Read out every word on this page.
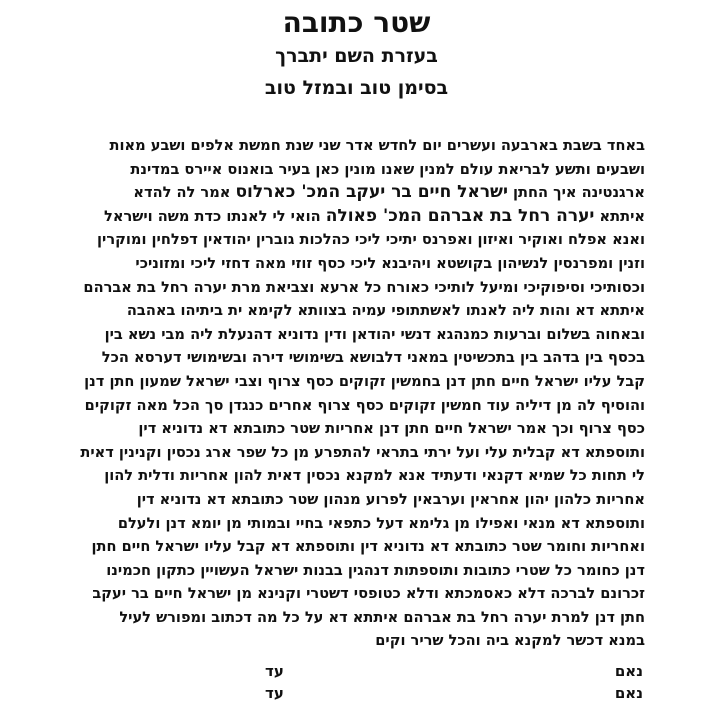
שטר כתובה
בעזרת השם יתברך
בסימן טוב ובמזל טוב
באחד בשבת בארבעה ועשרים יום לחדש אדר שני שנת חמשת אלפים ושבע מאות
ושבעים ותשע לבריאת עולם למנין שאנו מונין כאן בעיר בואנוס איירס במדינת
ארגנטינה איך החתן ישראל חיים בר יעקב המכ' כארלוס אמר לה להדא
איתתא יערה רחל בת אברהם המכ' פאולה הואי לי לאנתו כדת משה וישראל
ואנא אפלח ואוקיר ואיזון ואפרנס יתיכי ליכי כהלכות גוברין יהודאין דפלחין ומוקרין
וזנין ומפרנסין לנשיהון בקושטא ויהיבנא ליכי כסף זוזי מאה דחזי ליכי ומזוניכי
וכסותיכי וסיפוקיכי ומיעל לותיכי כאורח כל ארעא וצביאת מרת יערה רחל בת אברהם
איתתא דא והות ליה לאנתו לאשתתופי עמיה בצוותא לקימא ית ביתיהו באהבה
ובאחוה בשלום וברעות כמנהגא דנשי יהודאן ודין נדוניא דהנעלת ליה מבי נשא בין
בכסף בין בדהב בין בתכשיטין במאני דלבושא בשימושי דירה ובשימושי דערסא הכל
קבל עליו ישראל חיים חתן דנן בחמשין זקוקים כסף צרוף וצבי ישראל שמעון חתן דנן
והוסיף לה מן דיליה עוד חמשין זקוקים כסף צרוף אחרים כנגדן סך הכל מאה זקוקים
כסף צרוף וכך אמר ישראל חיים חתן דנן אחריות שטר כתובתא דא נדוניא דין
ותוספתא דא קבלית עלי ועל ירתי בתראי להתפרע מן כל שפר ארג נכסין וקנינין דאית
לי תחות כל שמיא דקנאי ודעתיד אנא למקנא נכסין דאית להון אחריות ודלית להון
אחריות כלהון יהון אחראין וערבאין לפרוע מנהון שטר כתובתא דא נדוניא דין
ותוספתא דא מנאי ואפילו מן גלימא דעל כתפאי בחיי ובמותי מן יומא דנן ולעלם
ואחריות וחומר שטר כתובתא דא נדוניא דין ותוספתא דא קבל עליו ישראל חיים חתן
דנן כחומר כל שטרי כתובות ותוספתות דנהגין בבנות ישראל העשויין כתקון חכמינו
זכרונם לברכה דלא כאסמכתא ודלא כטופסי דשטרי וקנינא מן ישראל חיים בר יעקב
חתן דנן למרת יערה רחל בת אברהם איתתא דא על כל מה דכתוב ומפורש לעיל
במנא דכשר למקנא ביה והכל שריר וקים
נאם
עד
נאם
עד
